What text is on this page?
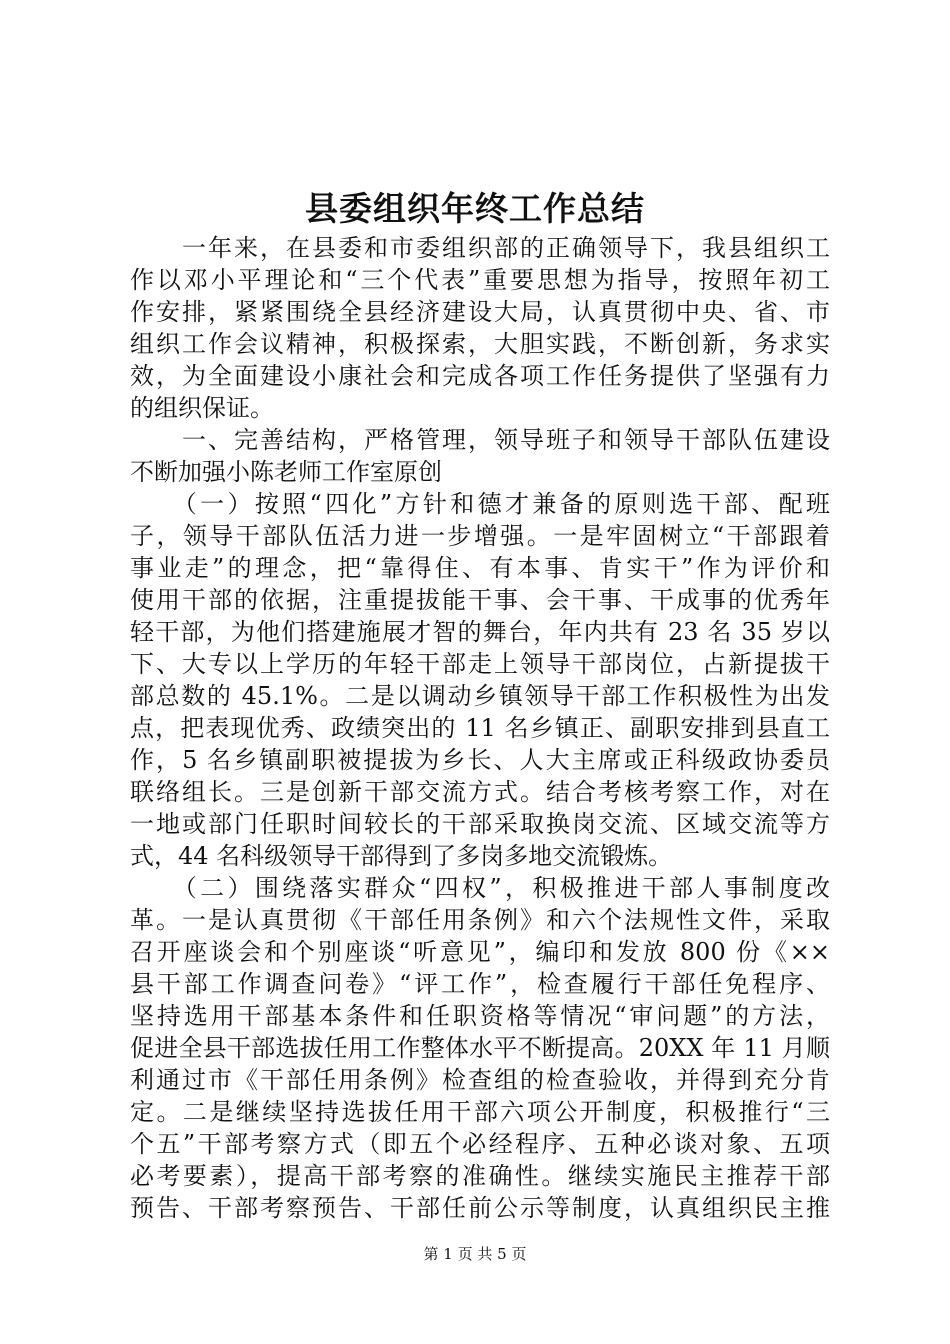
县委组织年终工作总结
　　一年来，在县委和市委组织部的正确领导下，我县组织工
作以邓小平理论和“三个代表”重要思想为指导，按照年初工
作安排，紧紧围绕全县经济建设大局，认真贯彻中央、省、市
组织工作会议精神，积极探索，大胆实践，不断创新，务求实
效，为全面建设小康社会和完成各项工作任务提供了坚强有力
的组织保证。
　　一、完善结构，严格管理，领导班子和领导干部队伍建设
不断加强小陈老师工作室原创
　　（一）按照“四化”方针和德才兼备的原则选干部、配班
子，领导干部队伍活力进一步增强。一是牢固树立“干部跟着
事业走”的理念，把“靠得住、有本事、肯实干”作为评价和
使用干部的依据，注重提拔能干事、会干事、干成事的优秀年
轻干部，为他们搭建施展才智的舞台，年内共有 23 名 35 岁以
下、大专以上学历的年轻干部走上领导干部岗位，占新提拔干
部总数的 45.1%。二是以调动乡镇领导干部工作积极性为出发
点，把表现优秀、政绩突出的 11 名乡镇正、副职安排到县直工
作，5 名乡镇副职被提拔为乡长、人大主席或正科级政协委员
联络组长。三是创新干部交流方式。结合考核考察工作，对在
一地或部门任职时间较长的干部采取换岗交流、区域交流等方
式，44 名科级领导干部得到了多岗多地交流锻炼。
　　（二）围绕落实群众“四权”，积极推进干部人事制度改
革。一是认真贯彻《干部任用条例》和六个法规性文件，采取
召开座谈会和个别座谈“听意见”，编印和发放 800 份《××
县干部工作调查问卷》“评工作”，检查履行干部任免程序、
坚持选用干部基本条件和任职资格等情况“审问题”的方法，
促进全县干部选拔任用工作整体水平不断提高。20XX 年 11 月顺
利通过市《干部任用条例》检查组的检查验收，并得到充分肯
定。二是继续坚持选拔任用干部六项公开制度，积极推行“三
个五”干部考察方式（即五个必经程序、五种必谈对象、五项
必考要素），提高干部考察的准确性。继续实施民主推荐干部
预告、干部考察预告、干部任前公示等制度，认真组织民主推
第 1 页 共 5 页
